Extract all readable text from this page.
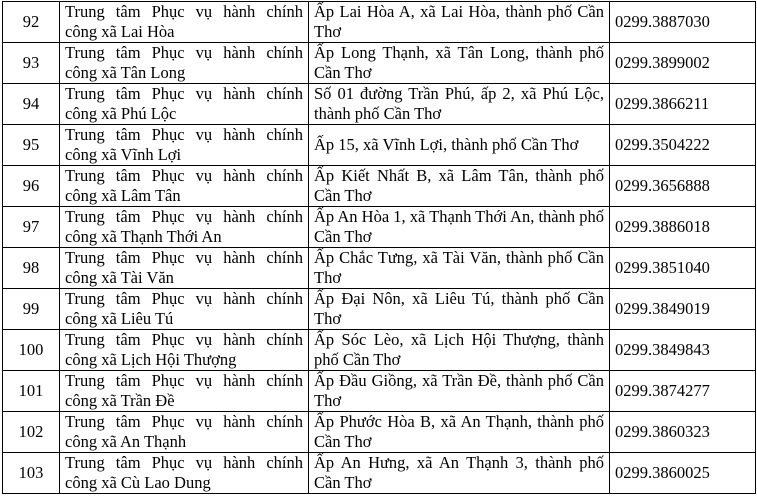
92	Trung tâm Phục vụ hành chính công xã Lai Hòa	Ấp Lai Hòa A, xã Lai Hòa, thành phố Cần Thơ	0299.3887030
93	Trung tâm Phục vụ hành chính công xã Tân Long	Ấp Long Thạnh, xã Tân Long, thành phố Cần Thơ	0299.3899002
94	Trung tâm Phục vụ hành chính công xã Phú Lộc	Số 01 đường Trần Phú, ấp 2, xã Phú Lộc, thành phố Cần Thơ	0299.3866211
95	Trung tâm Phục vụ hành chính công xã Vĩnh Lợi	Ấp 15, xã Vĩnh Lợi, thành phố Cần Thơ	0299.3504222
96	Trung tâm Phục vụ hành chính công xã Lâm Tân	Ấp Kiết Nhất B, xã Lâm Tân, thành phố Cần Thơ	0299.3656888
97	Trung tâm Phục vụ hành chính công xã Thạnh Thới An	Ấp An Hòa 1, xã Thạnh Thới An, thành phố Cần Thơ	0299.3886018
98	Trung tâm Phục vụ hành chính công xã Tài Văn	Ấp Chắc Tưng, xã Tài Văn, thành phố Cần Thơ	0299.3851040
99	Trung tâm Phục vụ hành chính công xã Liêu Tú	Ấp Đại Nôn, xã Liêu Tú, thành phố Cần Thơ	0299.3849019
100	Trung tâm Phục vụ hành chính công xã Lịch Hội Thượng	Ấp Sóc Lèo, xã Lịch Hội Thượng, thành phố Cần Thơ	0299.3849843
101	Trung tâm Phục vụ hành chính công xã Trần Đề	Ấp Đầu Giồng, xã Trần Đề, thành phố Cần Thơ	0299.3874277
102	Trung tâm Phục vụ hành chính công xã An Thạnh	Ấp Phước Hòa B, xã An Thạnh, thành phố Cần Thơ	0299.3860323
103	Trung tâm Phục vụ hành chính công xã Cù Lao Dung	Ấp An Hưng, xã An Thạnh 3, thành phố Cần Thơ	0299.3860025
